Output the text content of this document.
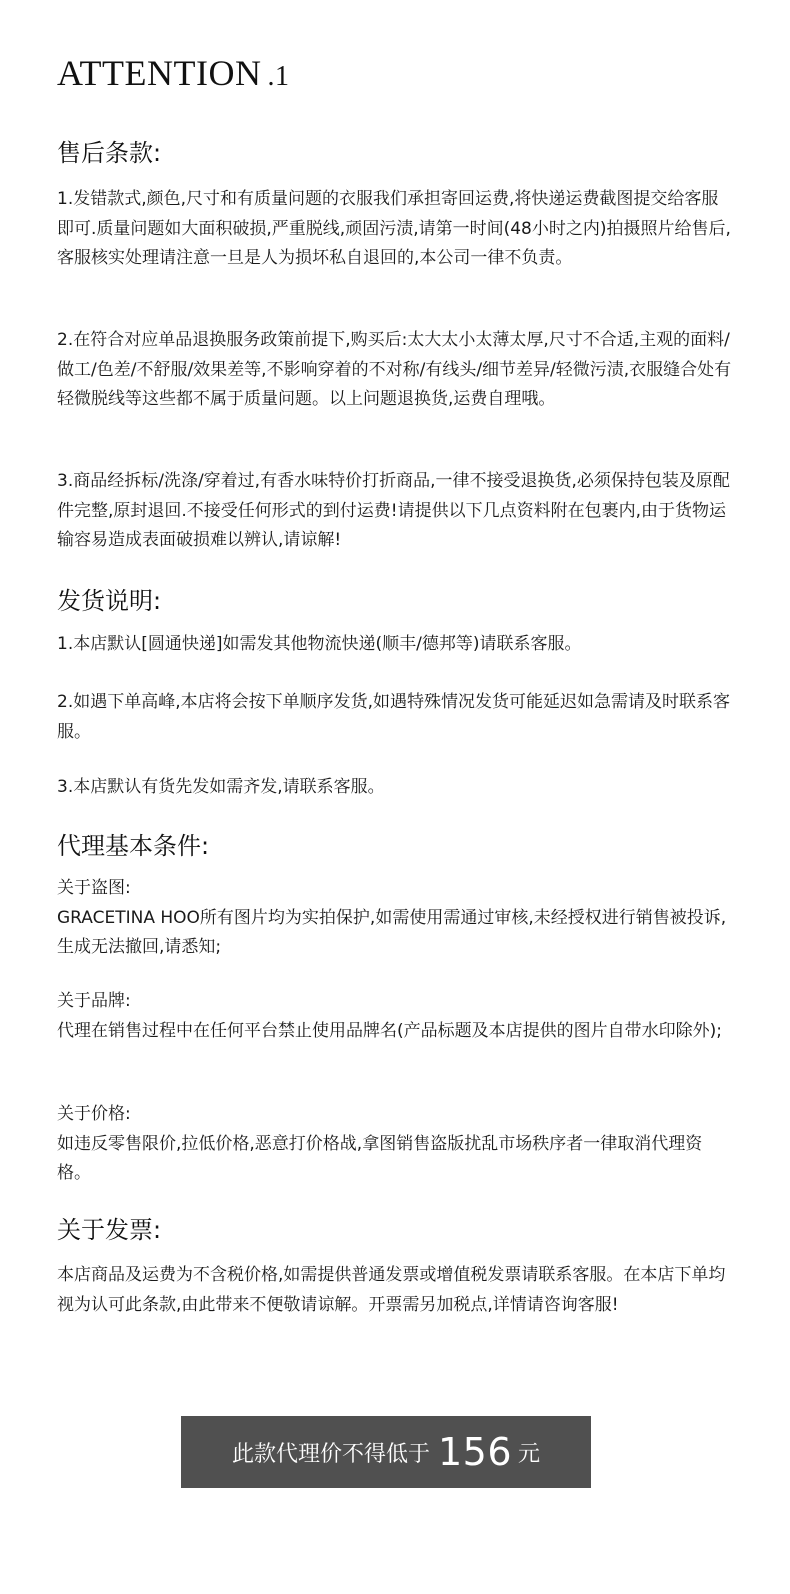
ATTENTION .1
售后条款:

1.发错款式,颜色,尺寸和有质量问题的衣服我们承担寄回运费,将快递运费截图提交给客服即可.质量问题如大面积破损,严重脱线,顽固污渍,请第一时间(48小时之内)拍摄照片给售后,客服核实处理请注意一旦是人为损坏私自退回的,本公司一律不负责。

2.在符合对应单品退换服务政策前提下,购买后:太大太小太薄太厚,尺寸不合适,主观的面料/做工/色差/不舒服/效果差等,不影响穿着的不对称/有线头/细节差异/轻微污渍,衣服缝合处有轻微脱线等这些都不属于质量问题。以上问题退换货,运费自理哦。

3.商品经拆标/洗涤/穿着过,有香水味特价打折商品,一律不接受退换货,必须保持包装及原配件完整,原封退回.不接受任何形式的到付运费!请提供以下几点资料附在包裹内,由于货物运输容易造成表面破损难以辨认,请谅解!

发货说明:

1.本店默认[圆通快递]如需发其他物流快递(顺丰/德邦等)请联系客服。

2.如遇下单高峰,本店将会按下单顺序发货,如遇特殊情况发货可能延迟如急需请及时联系客服。

3.本店默认有货先发如需齐发,请联系客服。

代理基本条件:

关于盗图:

GRACETINA HOO所有图片均为实拍保护,如需使用需通过审核,未经授权进行销售被投诉,生成无法撤回,请悉知;

关于品牌:

代理在销售过程中在任何平台禁止使用品牌名(产品标题及本店提供的图片自带水印除外);

关于价格:

如违反零售限价,拉低价格,恶意打价格战,拿图销售盗版扰乱市场秩序者一律取消代理资格。

关于发票:

本店商品及运费为不含税价格,如需提供普通发票或增值税发票请联系客服。在本店下单均视为认可此条款,由此带来不便敬请谅解。开票需另加税点,详情请咨询客服!

此款代理价不得低于 156 元
